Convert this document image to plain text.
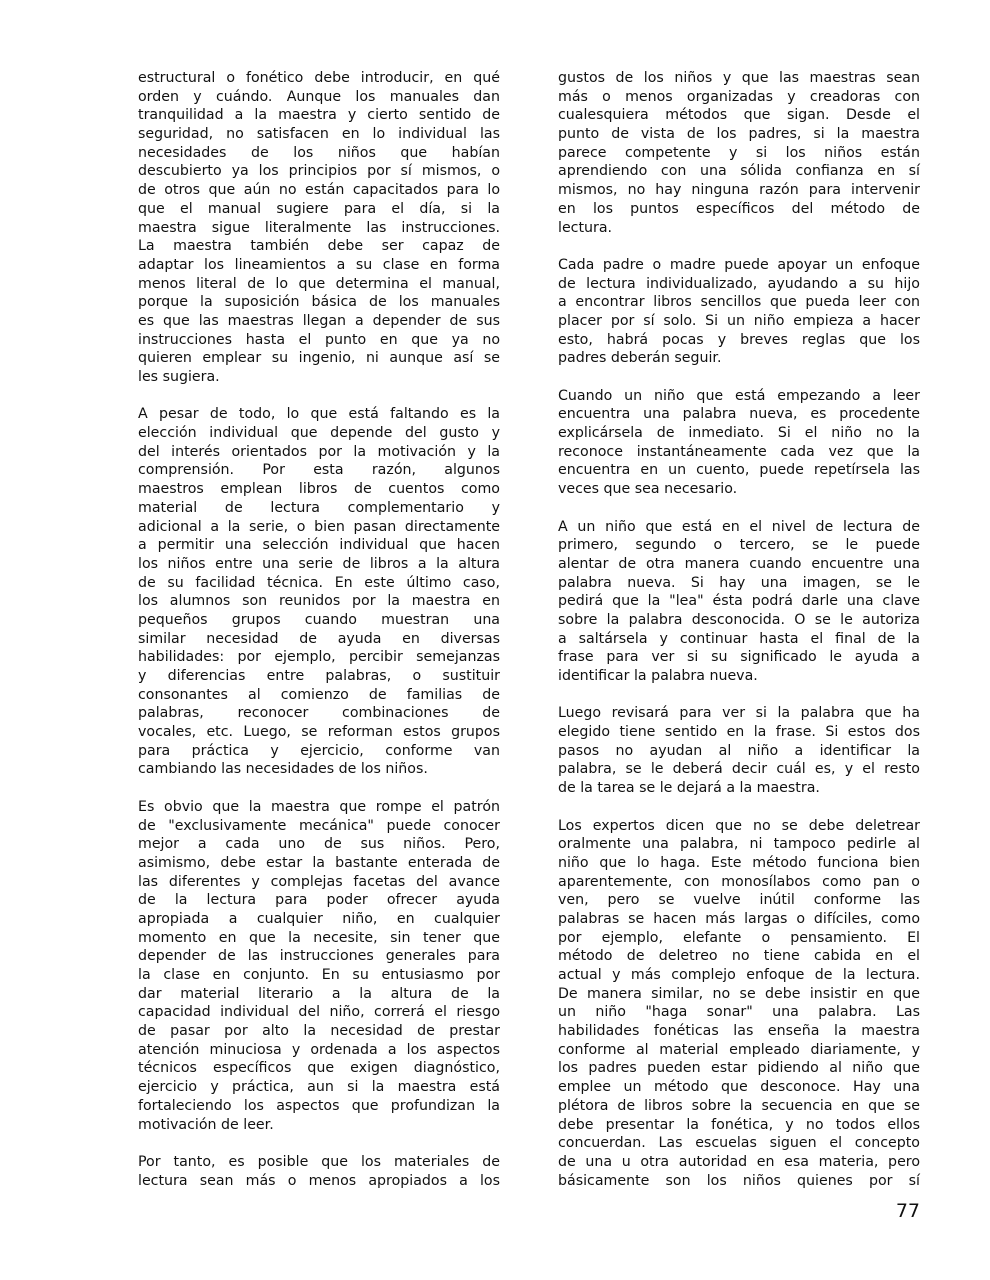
estructural o fonético debe introducir, en qué
orden y cuándo. Aunque los manuales dan
tranquilidad a la maestra y cierto sentido de
seguridad, no satisfacen en lo individual las
necesidades de los niños que habían
descubierto ya los principios por sí mismos, o
de otros que aún no están capacitados para lo
que el manual sugiere para el día, si la
maestra sigue literalmente las instrucciones.
La maestra también debe ser capaz de
adaptar los lineamientos a su clase en forma
menos literal de lo que determina el manual,
porque la suposición básica de los manuales
es que las maestras llegan a depender de sus
instrucciones hasta el punto en que ya no
quieren emplear su ingenio, ni aunque así se
les sugiera.

A pesar de todo, lo que está faltando es la
elección individual que depende del gusto y
del interés orientados por la motivación y la
comprensión. Por esta razón, algunos
maestros emplean libros de cuentos como
material de lectura complementario y
adicional a la serie, o bien pasan directamente
a permitir una selección individual que hacen
los niños entre una serie de libros a la altura
de su facilidad técnica. En este último caso,
los alumnos son reunidos por la maestra en
pequeños grupos cuando muestran una
similar necesidad de ayuda en diversas
habilidades: por ejemplo, percibir semejanzas
y diferencias entre palabras, o sustituir
consonantes al comienzo de familias de
palabras, reconocer combinaciones de
vocales, etc. Luego, se reforman estos grupos
para práctica y ejercicio, conforme van
cambiando las necesidades de los niños.

Es obvio que la maestra que rompe el patrón
de "exclusivamente mecánica" puede conocer
mejor a cada uno de sus niños. Pero,
asimismo, debe estar la bastante enterada de
las diferentes y complejas facetas del avance
de la lectura para poder ofrecer ayuda
apropiada a cualquier niño, en cualquier
momento en que la necesite, sin tener que
depender de las instrucciones generales para
la clase en conjunto. En su entusiasmo por
dar material literario a la altura de la
capacidad individual del niño, correrá el riesgo
de pasar por alto la necesidad de prestar
atención minuciosa y ordenada a los aspectos
técnicos específicos que exigen diagnóstico,
ejercicio y práctica, aun si la maestra está
fortaleciendo los aspectos que profundizan la
motivación de leer.

Por tanto, es posible que los materiales de
lectura sean más o menos apropiados a los

gustos de los niños y que las maestras sean
más o menos organizadas y creadoras con
cualesquiera métodos que sigan. Desde el
punto de vista de los padres, si la maestra
parece competente y si los niños están
aprendiendo con una sólida confianza en sí
mismos, no hay ninguna razón para intervenir
en los puntos específicos del método de
lectura.

Cada padre o madre puede apoyar un enfoque
de lectura individualizado, ayudando a su hijo
a encontrar libros sencillos que pueda leer con
placer por sí solo. Si un niño empieza a hacer
esto, habrá pocas y breves reglas que los
padres deberán seguir.

Cuando un niño que está empezando a leer
encuentra una palabra nueva, es procedente
explicársela de inmediato. Si el niño no la
reconoce instantáneamente cada vez que la
encuentra en un cuento, puede repetírsela las
veces que sea necesario.

A un niño que está en el nivel de lectura de
primero, segundo o tercero, se le puede
alentar de otra manera cuando encuentre una
palabra nueva. Si hay una imagen, se le
pedirá que la "lea" ésta podrá darle una clave
sobre la palabra desconocida. O se le autoriza
a saltársela y continuar hasta el final de la
frase para ver si su significado le ayuda a
identificar la palabra nueva.

Luego revisará para ver si la palabra que ha
elegido tiene sentido en la frase. Si estos dos
pasos no ayudan al niño a identificar la
palabra, se le deberá decir cuál es, y el resto
de la tarea se le dejará a la maestra.

Los expertos dicen que no se debe deletrear
oralmente una palabra, ni tampoco pedirle al
niño que lo haga. Este método funciona bien
aparentemente, con monosílabos como pan o
ven, pero se vuelve inútil conforme las
palabras se hacen más largas o difíciles, como
por ejemplo, elefante o pensamiento. El
método de deletreo no tiene cabida en el
actual y más complejo enfoque de la lectura.
De manera similar, no se debe insistir en que
un niño "haga sonar" una palabra. Las
habilidades fonéticas las enseña la maestra
conforme al material empleado diariamente, y
los padres pueden estar pidiendo al niño que
emplee un método que desconoce. Hay una
plétora de libros sobre la secuencia en que se
debe presentar la fonética, y no todos ellos
concuerdan. Las escuelas siguen el concepto
de una u otra autoridad en esa materia, pero
básicamente son los niños quienes por sí

77
